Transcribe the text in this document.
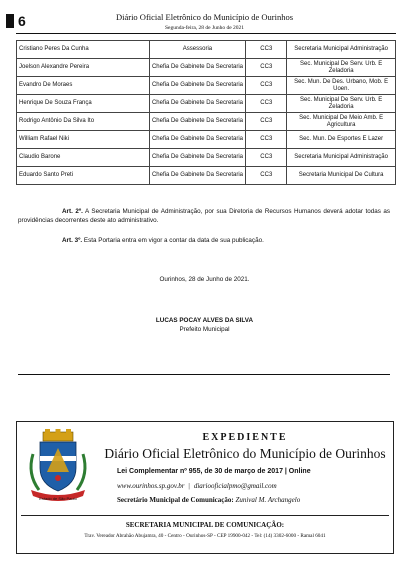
6	Diário Oficial Eletrônico do Município de Ourinhos
Segunda-feira, 28 de Junho de 2021
Cristiano Peres Da Cunha	Assessoria	CC3	Secretaria Municipal Administração
Joelson Alexandre Pereira	Chefia De Gabinete Da Secretaria	CC3	Sec. Municipal De Serv. Urb. E Zeladoria
Evandro De Moraes	Chefia De Gabinete Da Secretaria	CC3	Sec. Mun. De Des. Urbano, Mob. E Uoen.
Henrique De Souza França	Chefia De Gabinete Da Secretaria	CC3	Sec. Municipal De Serv. Urb. E Zeladoria
Rodrigo Antônio Da Silva Ito	Chefia De Gabinete Da Secretaria	CC3	Sec. Municipal De Meio Amb. E Agricultura
William Rafael Niki	Chefia De Gabinete Da Secretaria	CC3	Sec. Mun. De Esportes E Lazer
Claudio Barone	Chefia De Gabinete Da Secretaria	CC3	Secretaria Municipal Administração
Eduardo Santo Preti	Chefia De Gabinete Da Secretaria	CC3	Secretaria Municipal De Cultura
Art. 2º. A Secretaria Municipal de Administração, por sua Diretoria de Recursos Humanos deverá adotar todas as providências decorrentes deste ato administrativo.
Art. 3º. Esta Portaria entra em vigor a contar da data de sua publicação.
Ourinhos, 28 de Junho de 2021.
LUCAS POCAY ALVES DA SILVA
Prefeito Municipal
Estado de São Paulo
EXPEDIENTE
Diário Oficial Eletrônico do Município de Ourinhos
Lei Complementar nº 955, de 30 de março de 2017 | Online
www.ourinhos.sp.gov.br | diariooficialpmo@gmail.com
Secretário Municipal de Comunicação: Zunival M. Archangelo
SECRETARIA MUNICIPAL DE COMUNICAÇÃO:
Trav. Vereador Abrahão Abujamra, 40 - Centro - Ourinhos-SP - CEP 19900-042 - Tel: (14) 3302-6000 - Ramal 6041
